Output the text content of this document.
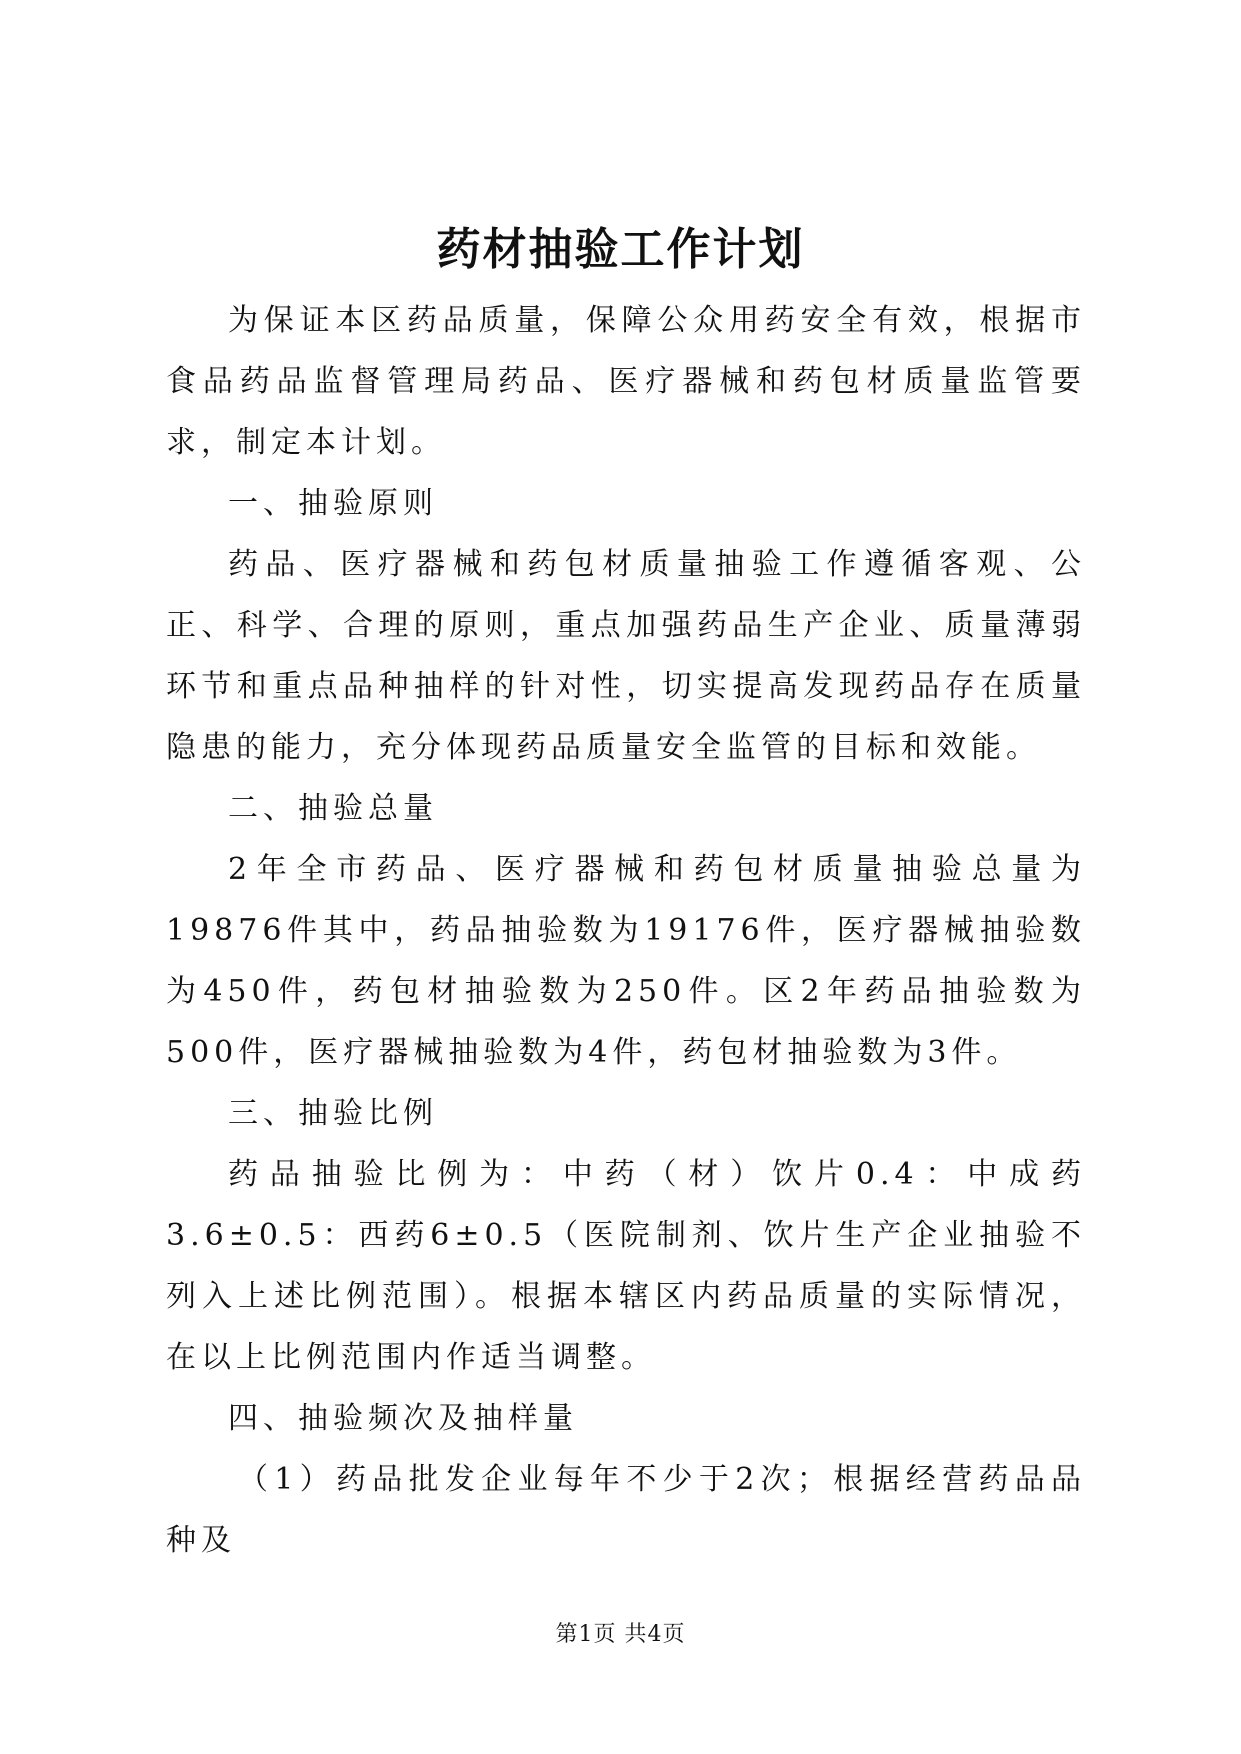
药材抽验工作计划

为保证本区药品质量，保障公众用药安全有效，根据市食品药品监督管理局药品、医疗器械和药包材质量监管要求，制定本计划。

一、抽验原则

药品、医疗器械和药包材质量抽验工作遵循客观、公正、科学、合理的原则，重点加强药品生产企业、质量薄弱环节和重点品种抽样的针对性，切实提高发现药品存在质量隐患的能力，充分体现药品质量安全监管的目标和效能。

二、抽验总量

2年全市药品、医疗器械和药包材质量抽验总量为19876件其中，药品抽验数为19176件，医疗器械抽验数为450件，药包材抽验数为250件。区2年药品抽验数为500件，医疗器械抽验数为4件，药包材抽验数为3件。

三、抽验比例

药品抽验比例为：中药（材）饮片0.4：中成药3.6±0.5：西药6±0.5（医院制剂、饮片生产企业抽验不列入上述比例范围）。根据本辖区内药品质量的实际情况，在以上比例范围内作适当调整。

四、抽验频次及抽样量

（1）药品批发企业每年不少于2次；根据经营药品品种及

第1页 共4页
